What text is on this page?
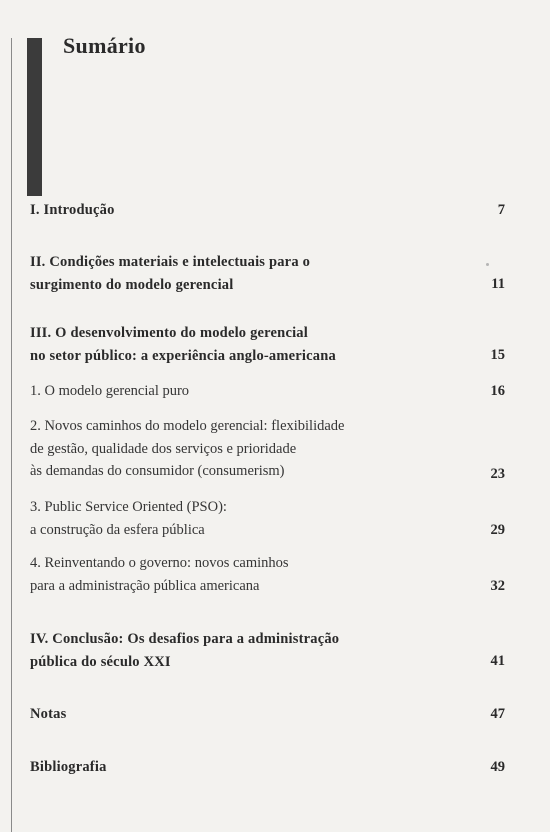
Sumário
I. Introdução	7
II. Condições materiais e intelectuais para o
surgimento do modelo gerencial	11
III. O desenvolvimento do modelo gerencial
no setor público: a experiência anglo-americana	15
1. O modelo gerencial puro	16
2. Novos caminhos do modelo gerencial: flexibilidade
de gestão, qualidade dos serviços e prioridade
às demandas do consumidor (consumerism)	23
3. Public Service Oriented (PSO):
a construção da esfera pública	29
4. Reinventando o governo: novos caminhos
para a administração pública americana	32
IV. Conclusão: Os desafios para a administração
pública do século XXI	41
Notas	47
Bibliografia	49
